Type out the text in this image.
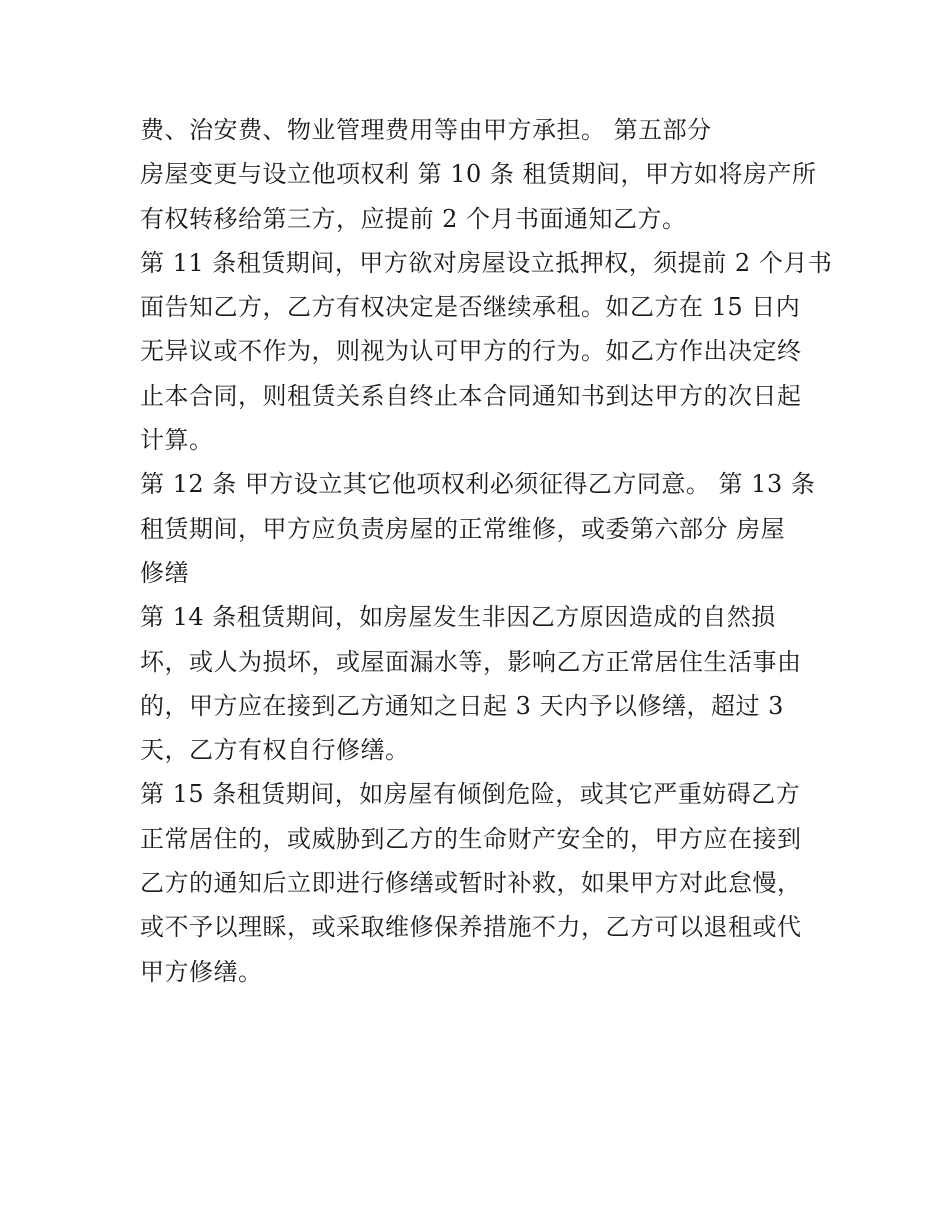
费、治安费、物业管理费用等由甲方承担。 第五部分
房屋变更与设立他项权利 第 10 条 租赁期间，甲方如将房产所
有权转移给第三方，应提前 2 个月书面通知乙方。
第 11 条租赁期间，甲方欲对房屋设立抵押权，须提前 2 个月书
面告知乙方，乙方有权决定是否继续承租。如乙方在 15 日内
无异议或不作为，则视为认可甲方的行为。如乙方作出决定终
止本合同，则租赁关系自终止本合同通知书到达甲方的次日起
计算。
第 12 条 甲方设立其它他项权利必须征得乙方同意。 第 13 条
租赁期间，甲方应负责房屋的正常维修，或委第六部分 房屋
修缮
第 14 条租赁期间，如房屋发生非因乙方原因造成的自然损
坏，或人为损坏，或屋面漏水等，影响乙方正常居住生活事由
的，甲方应在接到乙方通知之日起 3 天内予以修缮，超过 3
天，乙方有权自行修缮。
第 15 条租赁期间，如房屋有倾倒危险，或其它严重妨碍乙方
正常居住的，或威胁到乙方的生命财产安全的，甲方应在接到
乙方的通知后立即进行修缮或暂时补救，如果甲方对此怠慢，
或不予以理睬，或采取维修保养措施不力，乙方可以退租或代
甲方修缮。
